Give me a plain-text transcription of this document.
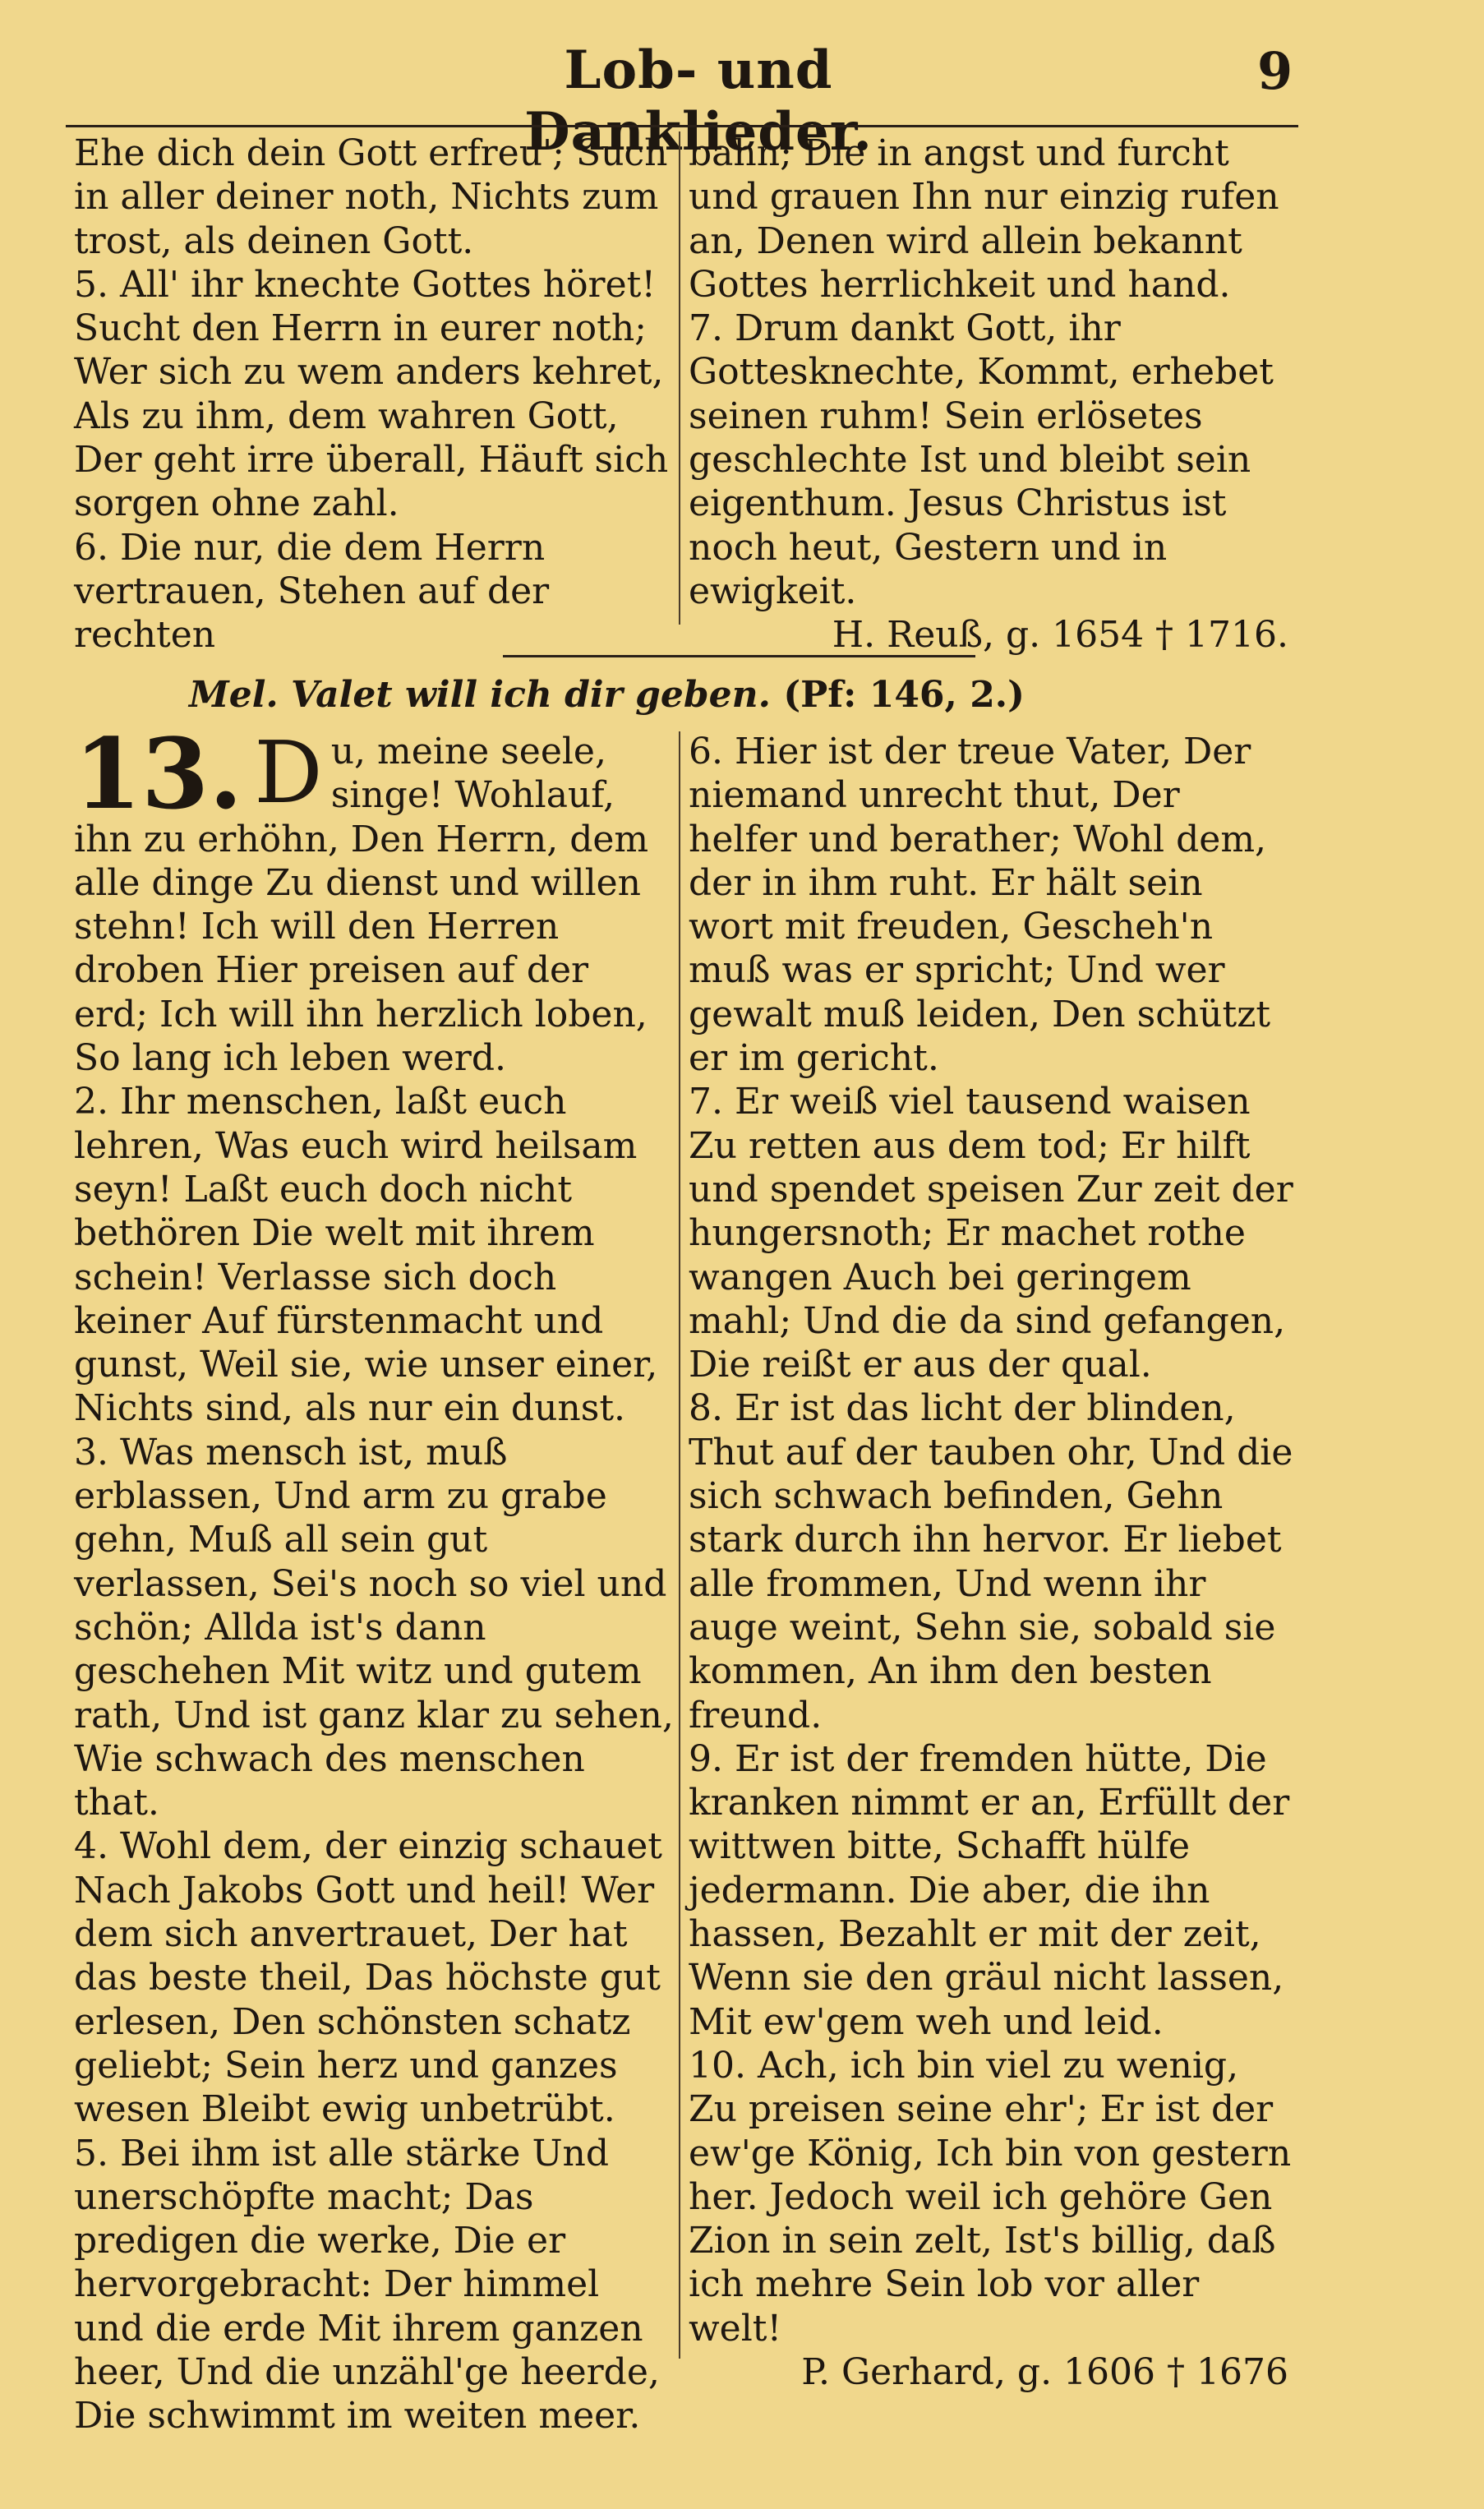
Lob- und Danklieder.
9

Ehe dich dein Gott erfreu'; Such in aller deiner noth, Nichts zum trost, als deinen Gott.

5. All' ihr knechte Gottes höret! Sucht den Herrn in eurer noth; Wer sich zu wem anders kehret, Als zu ihm, dem wahren Gott, Der geht irre überall, Häuft sich sorgen ohne zahl.

6. Die nur, die dem Herrn vertrauen, Stehen auf der rechten

bahn; Die in angst und furcht und grauen Ihn nur einzig rufen an, Denen wird allein bekannt Gottes herrlichkeit und hand.

7. Drum dankt Gott, ihr Gottesknechte, Kommt, erhebet seinen ruhm! Sein erlösetes geschlechte Ist und bleibt sein eigenthum. Jesus Christus ist noch heut, Gestern und in ewigkeit.

H. Reuß, g. 1654 † 1716.

Mel. Valet will ich dir geben. (Pf: 146, 2.)

13. D u, meine seele, singe! Wohlauf, ihn zu erhöhn, Den Herrn, dem alle dinge Zu dienst und willen stehn! Ich will den Herren droben Hier preisen auf der erd; Ich will ihn herzlich loben, So lang ich leben werd.

2. Ihr menschen, laßt euch lehren, Was euch wird heilsam seyn! Laßt euch doch nicht bethören Die welt mit ihrem schein! Verlasse sich doch keiner Auf fürstenmacht und gunst, Weil sie, wie unser einer, Nichts sind, als nur ein dunst.

3. Was mensch ist, muß erblassen, Und arm zu grabe gehn, Muß all sein gut verlassen, Sei's noch so viel und schön; Allda ist's dann geschehen Mit witz und gutem rath, Und ist ganz klar zu sehen, Wie schwach des menschen that.

4. Wohl dem, der einzig schauet Nach Jakobs Gott und heil! Wer dem sich anvertrauet, Der hat das beste theil, Das höchste gut erlesen, Den schönsten schatz geliebt; Sein herz und ganzes wesen Bleibt ewig unbetrübt.

5. Bei ihm ist alle stärke Und unerschöpfte macht; Das predigen die werke, Die er hervorgebracht: Der himmel und die erde Mit ihrem ganzen heer, Und die unzähl'ge heerde, Die schwimmt im weiten meer.

6. Hier ist der treue Vater, Der niemand unrecht thut, Der helfer und berather; Wohl dem, der in ihm ruht. Er hält sein wort mit freuden, Gescheh'n muß was er spricht; Und wer gewalt muß leiden, Den schützt er im gericht.

7. Er weiß viel tausend waisen Zu retten aus dem tod; Er hilft und spendet speisen Zur zeit der hungersnoth; Er machet rothe wangen Auch bei geringem mahl; Und die da sind gefangen, Die reißt er aus der qual.

8. Er ist das licht der blinden, Thut auf der tauben ohr, Und die sich schwach befinden, Gehn stark durch ihn hervor. Er liebet alle frommen, Und wenn ihr auge weint, Sehn sie, sobald sie kommen, An ihm den besten freund.

9. Er ist der fremden hütte, Die kranken nimmt er an, Erfüllt der wittwen bitte, Schafft hülfe jedermann. Die aber, die ihn hassen, Bezahlt er mit der zeit, Wenn sie den gräul nicht lassen, Mit ew'gem weh und leid.

10. Ach, ich bin viel zu wenig, Zu preisen seine ehr'; Er ist der ew'ge König, Ich bin von gestern her. Jedoch weil ich gehöre Gen Zion in sein zelt, Ist's billig, daß ich mehre Sein lob vor aller welt!

P. Gerhard, g. 1606 † 1676
